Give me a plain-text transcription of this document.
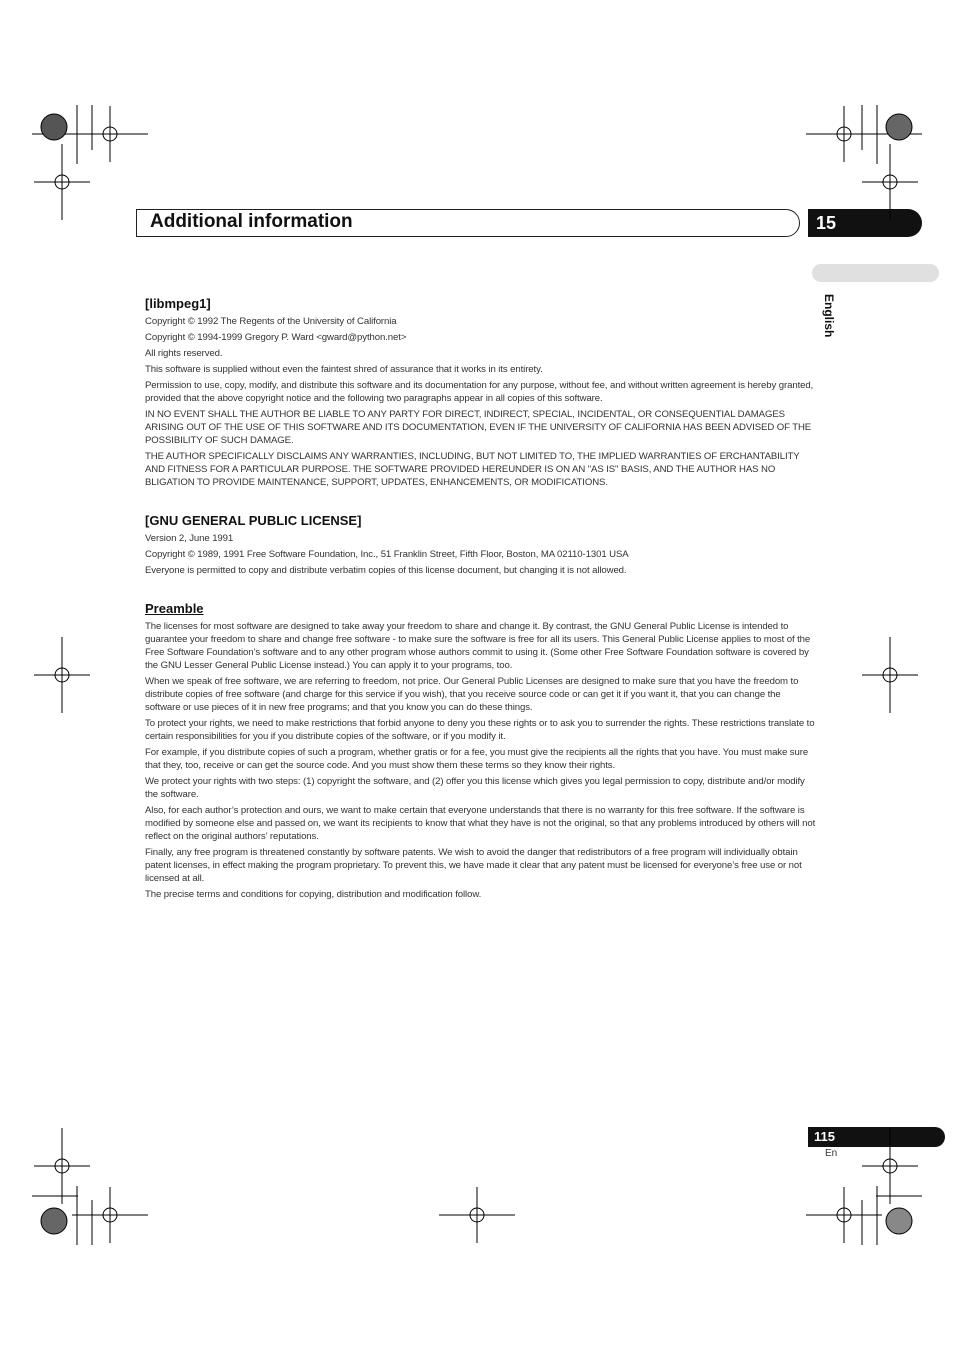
Additional information	15
English
[libmpeg1]

Copyright © 1992 The Regents of the University of California

Copyright © 1994-1999 Gregory P. Ward <gward@python.net>

All rights reserved.

This software is supplied without even the faintest shred of assurance that it works in its entirety.

Permission to use, copy, modify, and distribute this software and its documentation for any purpose, without fee, and without written agreement is hereby granted, provided that the above copyright notice and the following two paragraphs appear in all copies of this software.

IN NO EVENT SHALL THE AUTHOR BE LIABLE TO ANY PARTY FOR DIRECT, INDIRECT, SPECIAL, INCIDENTAL, OR CONSEQUENTIAL DAMAGES ARISING OUT OF THE USE OF THIS SOFTWARE AND ITS DOCUMENTATION, EVEN IF THE UNIVERSITY OF CALIFORNIA HAS BEEN ADVISED OF THE POSSIBILITY OF SUCH DAMAGE.

THE AUTHOR SPECIFICALLY DISCLAIMS ANY WARRANTIES, INCLUDING, BUT NOT LIMITED TO, THE IMPLIED WARRANTIES OF ERCHANTABILITY AND FITNESS FOR A PARTICULAR PURPOSE. THE SOFTWARE PROVIDED HEREUNDER IS ON AN "AS IS" BASIS, AND THE AUTHOR HAS NO BLIGATION TO PROVIDE MAINTENANCE, SUPPORT, UPDATES, ENHANCEMENTS, OR MODIFICATIONS.

[GNU GENERAL PUBLIC LICENSE]

Version 2, June 1991

Copyright © 1989, 1991 Free Software Foundation, Inc., 51 Franklin Street, Fifth Floor, Boston, MA 02110-1301 USA

Everyone is permitted to copy and distribute verbatim copies of this license document, but changing it is not allowed.

Preamble

The licenses for most software are designed to take away your freedom to share and change it. By contrast, the GNU General Public License is intended to guarantee your freedom to share and change free software - to make sure the software is free for all its users. This General Public License applies to most of the Free Software Foundation’s software and to any other program whose authors commit to using it. (Some other Free Software Foundation software is covered by the GNU Lesser General Public License instead.) You can apply it to your programs, too.

When we speak of free software, we are referring to freedom, not price. Our General Public Licenses are designed to make sure that you have the freedom to distribute copies of free software (and charge for this service if you wish), that you receive source code or can get it if you want it, that you can change the software or use pieces of it in new free programs; and that you know you can do these things.

To protect your rights, we need to make restrictions that forbid anyone to deny you these rights or to ask you to surrender the rights. These restrictions translate to certain responsibilities for you if you distribute copies of the software, or if you modify it.

For example, if you distribute copies of such a program, whether gratis or for a fee, you must give the recipients all the rights that you have. You must make sure that they, too, receive or can get the source code. And you must show them these terms so they know their rights.

We protect your rights with two steps: (1) copyright the software, and (2) offer you this license which gives you legal permission to copy, distribute and/or modify the software.

Also, for each author’s protection and ours, we want to make certain that everyone understands that there is no warranty for this free software. If the software is modified by someone else and passed on, we want its recipients to know that what they have is not the original, so that any problems introduced by others will not reflect on the original authors’ reputations.

Finally, any free program is threatened constantly by software patents. We wish to avoid the danger that redistributors of a free program will individually obtain patent licenses, in effect making the program proprietary. To prevent this, we have made it clear that any patent must be licensed for everyone’s free use or not licensed at all.

The precise terms and conditions for copying, distribution and modification follow.

115
En
